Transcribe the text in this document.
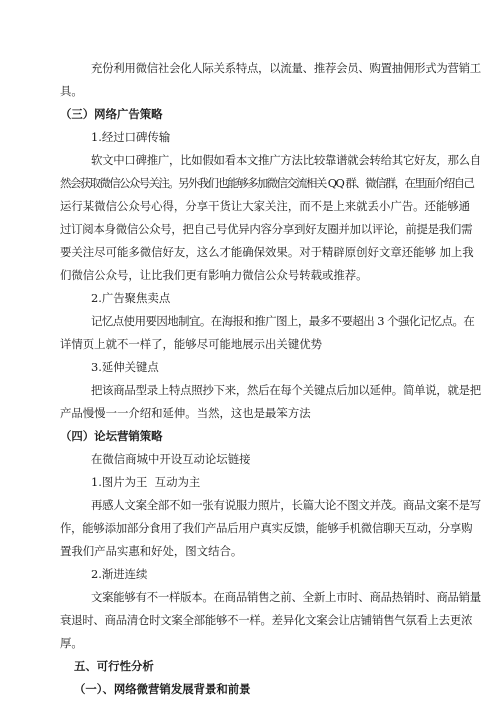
充份利用微信社会化人际关系特点，以流量、推荐会员、购置抽佣形式为营销工
具。
（三）网络广告策略
1.经过口碑传输
软文中口碑推广，比如假如看本文推广方法比较靠谱就会转给其它好友，那么自
然会获取微信公众号关注。另外我们也能够多加微信交流相关 QQ 群、微信群，在里面介绍自己
运行某微信公众号心得，分享干货让大家关注，而不是上来就丢小广告。还能够通
过订阅本身微信公众号，把自己号优异内容分享到好友圈并加以评论，前提是我们需
要关注尽可能多微信好友，这么才能确保效果。对于精辟原创好文章还能够 加上我
们微信公众号，让比我们更有影响力微信公众号转载或推荐。
2.广告聚焦卖点
记忆点使用要因地制宜。在海报和推广图上，最多不要超出 3 个强化记忆点。在
详情页上就不一样了，能够尽可能地展示出关键优势
3.延伸关键点
把该商品型录上特点照抄下来，然后在每个关键点后加以延伸。简单说，就是把
产品慢慢一一介绍和延伸。当然，这也是最笨方法
（四）论坛营销策略
在微信商城中开设互动论坛链接
1.图片为王  互动为主
再感人文案全部不如一张有说服力照片，长篇大论不图文并茂。商品文案不是写
作，能够添加部分食用了我们产品后用户真实反馈，能够手机微信聊天互动，分享购
置我们产品实惠和好处，图文结合。
2.渐进连续
文案能够有不一样版本。在商品销售之前、全新上市时、商品热销时、商品销量
衰退时、商品清仓时文案全部能够不一样。差异化文案会让店铺销售气氛看上去更浓
厚。
五、可行性分析
（一）、网络微营销发展背景和前景
